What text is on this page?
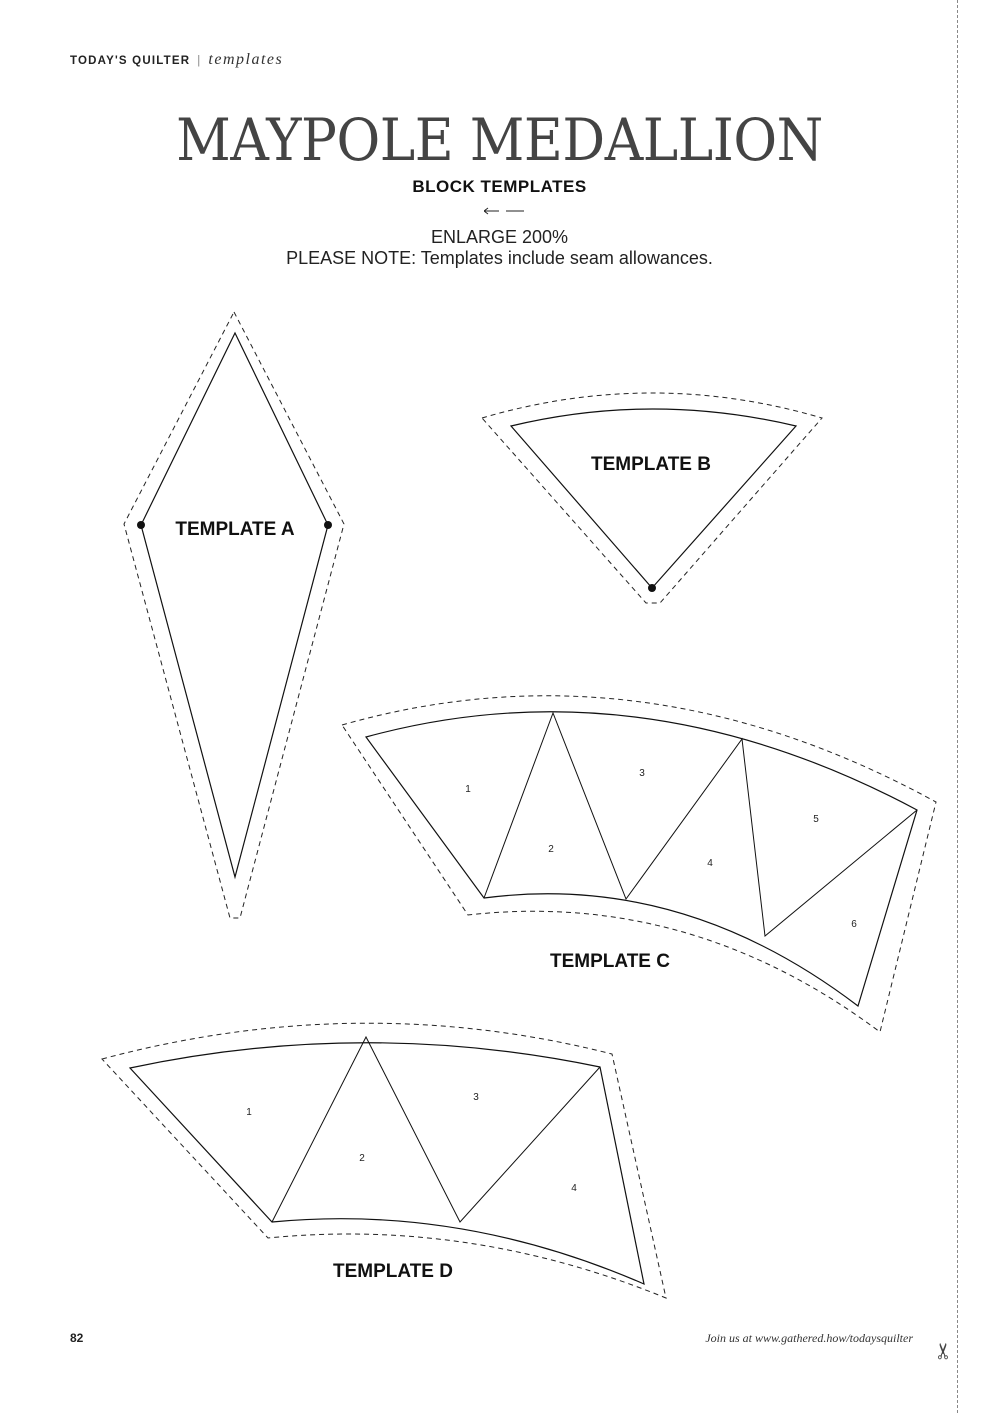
TODAY'S QUILTER | templates
MAYPOLE MEDALLION
BLOCK TEMPLATES
ENLARGE 200%
PLEASE NOTE: Templates include seam allowances.
TEMPLATE A
TEMPLATE B
1
2
3
4
5
6
TEMPLATE C
1
2
3
4
TEMPLATE D
✂
82	Join us at www.gathered.how/todaysquilter
